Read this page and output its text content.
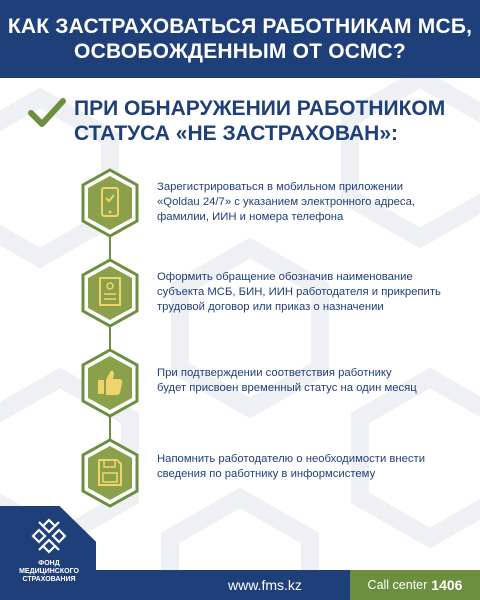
КАК ЗАСТРАХОВАТЬСЯ РАБОТНИКАМ МСБ,
ОСВОБОЖДЕННЫМ ОТ ОСМС?
ПРИ ОБНАРУЖЕНИИ РАБОТНИКОМ
СТАТУСА «НЕ ЗАСТРАХОВАН»:
Зарегистрироваться в мобильном приложении
«Qoldau 24/7» с указанием электронного адреса,
фамилии, ИИН и номера телефона
Оформить обращение обозначив наименование
субъекта МСБ, БИН, ИИН работодателя и прикрепить
трудовой договор или приказ о назначении
При подтверждении соответствия работнику
будет присвоен временный статус на один месяц
Напомнить работодателю о необходимости внести
сведения по работнику в информсистему
www.fms.kz	Call center 1406
ФОНД
МЕДИЦИНСКОГО
СТРАХОВАНИЯ
